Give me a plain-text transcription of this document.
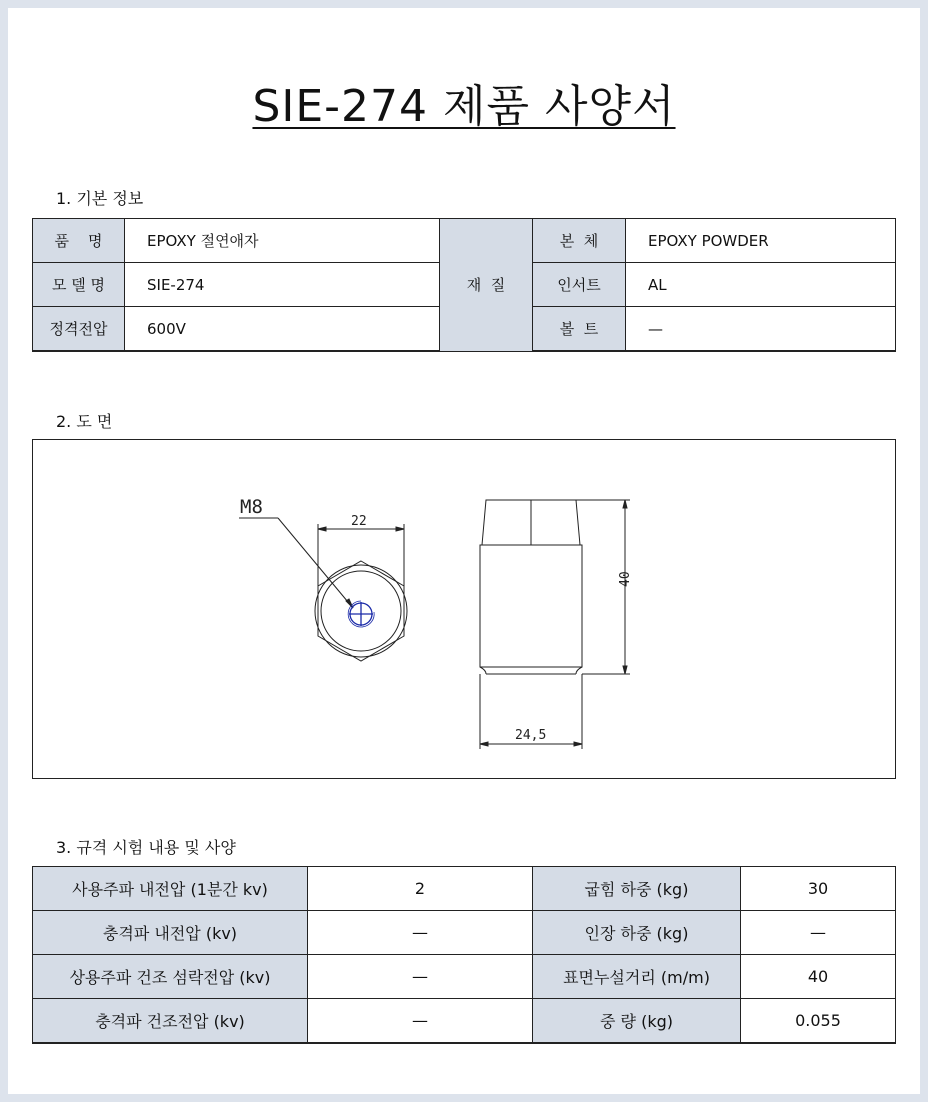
SIE-274 제품 사양서
1. 기본 정보
품    명	EPOXY 절연애자	재  질	본  체	EPOXY POWDER
모 델 명	SIE-274		인서트	AL
정격전압	600V		볼  트	—
2. 도 면
M8
22
40
24,5
3. 규격 시험 내용 및 사양
사용주파 내전압 (1분간 kv)	2	굽힘 하중 (kg)	30
충격파 내전압 (kv)	—	인장 하중 (kg)	—
상용주파 건조 섬락전압 (kv)	—	표면누설거리 (m/m)	40
충격파 건조전압 (kv)	—	중 량 (kg)	0.055
